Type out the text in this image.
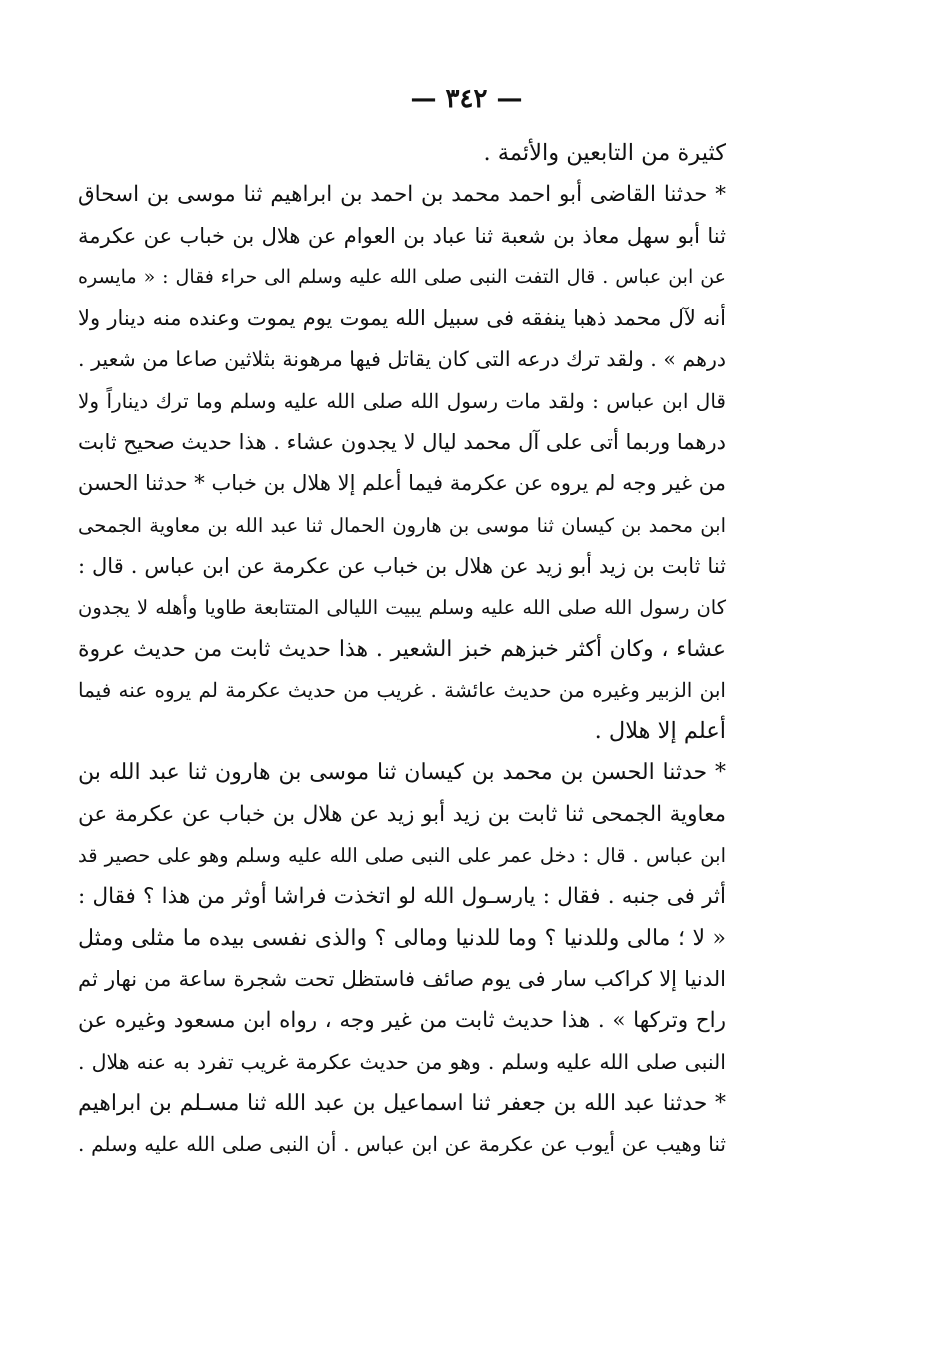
— ٣٤٢ —
كثيرة من التابعين والأئمة .
* حدثنا القاضى أبو احمد محمد بن احمد بن ابراهيم ثنا موسى بن اسحاق
ثنا أبو سهل معاذ بن شعبة ثنا عباد بن العوام عن هلال بن خباب عن عكرمة
عن ابن عباس . قال التفت النبى صلى الله عليه وسلم الى حراء فقال : « مايسره
أنه لآل محمد ذهبا ينفقه فى سبيل الله يموت يوم يموت وعنده منه دينار ولا
درهم » . ولقد ترك درعه التى كان يقاتل فيها مرهونة بثلاثين صاعا من شعير .
قال ابن عباس : ولقد مات رسول الله صلى الله عليه وسلم وما ترك ديناراً ولا
درهما وربما أتى على آل محمد ليال لا يجدون عشاء . هذا حديث صحيح ثابت
من غير وجه لم يروه عن عكرمة فيما أعلم إلا هلال بن خباب * حدثنا الحسن
ابن محمد بن كيسان ثنا موسى بن هارون الحمال ثنا عبد الله بن معاوية الجمحى
ثنا ثابت بن زيد أبو زيد عن هلال بن خباب عن عكرمة عن ابن عباس . قال :
كان رسول الله صلى الله عليه وسلم يبيت الليالى المتتابعة طاويا وأهله لا يجدون
عشاء ، وكان أكثر خبزهم خبز الشعير . هذا حديث ثابت من حديث عروة
ابن الزبير وغيره من حديث عائشة . غريب من حديث عكرمة لم يروه عنه فيما
أعلم إلا هلال .
* حدثنا الحسن بن محمد بن كيسان ثنا موسى بن هارون ثنا عبد الله بن
معاوية الجمحى ثنا ثابت بن زيد أبو زيد عن هلال بن خباب عن عكرمة عن
ابن عباس . قال : دخل عمر على النبى صلى الله عليه وسلم وهو على حصير قد
أثر فى جنبه . فقال : يارسـول الله لو اتخذت فراشا أوثر من هذا ؟ فقال :
« لا ؛ مالى وللدنيا ؟ وما للدنيا ومالى ؟ والذى نفسى بيده ما مثلى ومثل
الدنيا إلا كراكب سار فى يوم صائف فاستظل تحت شجرة ساعة من نهار ثم
راح وتركها » . هذا حديث ثابت من غير وجه ، رواه ابن مسعود وغيره عن
النبى صلى الله عليه وسلم . وهو من حديث عكرمة غريب تفرد به عنه هلال .
* حدثنا عبد الله بن جعفر ثنا اسماعيل بن عبد الله ثنا مسـلم بن ابراهيم
ثنا وهيب عن أيوب عن عكرمة عن ابن عباس . أن النبى صلى الله عليه وسلم .
